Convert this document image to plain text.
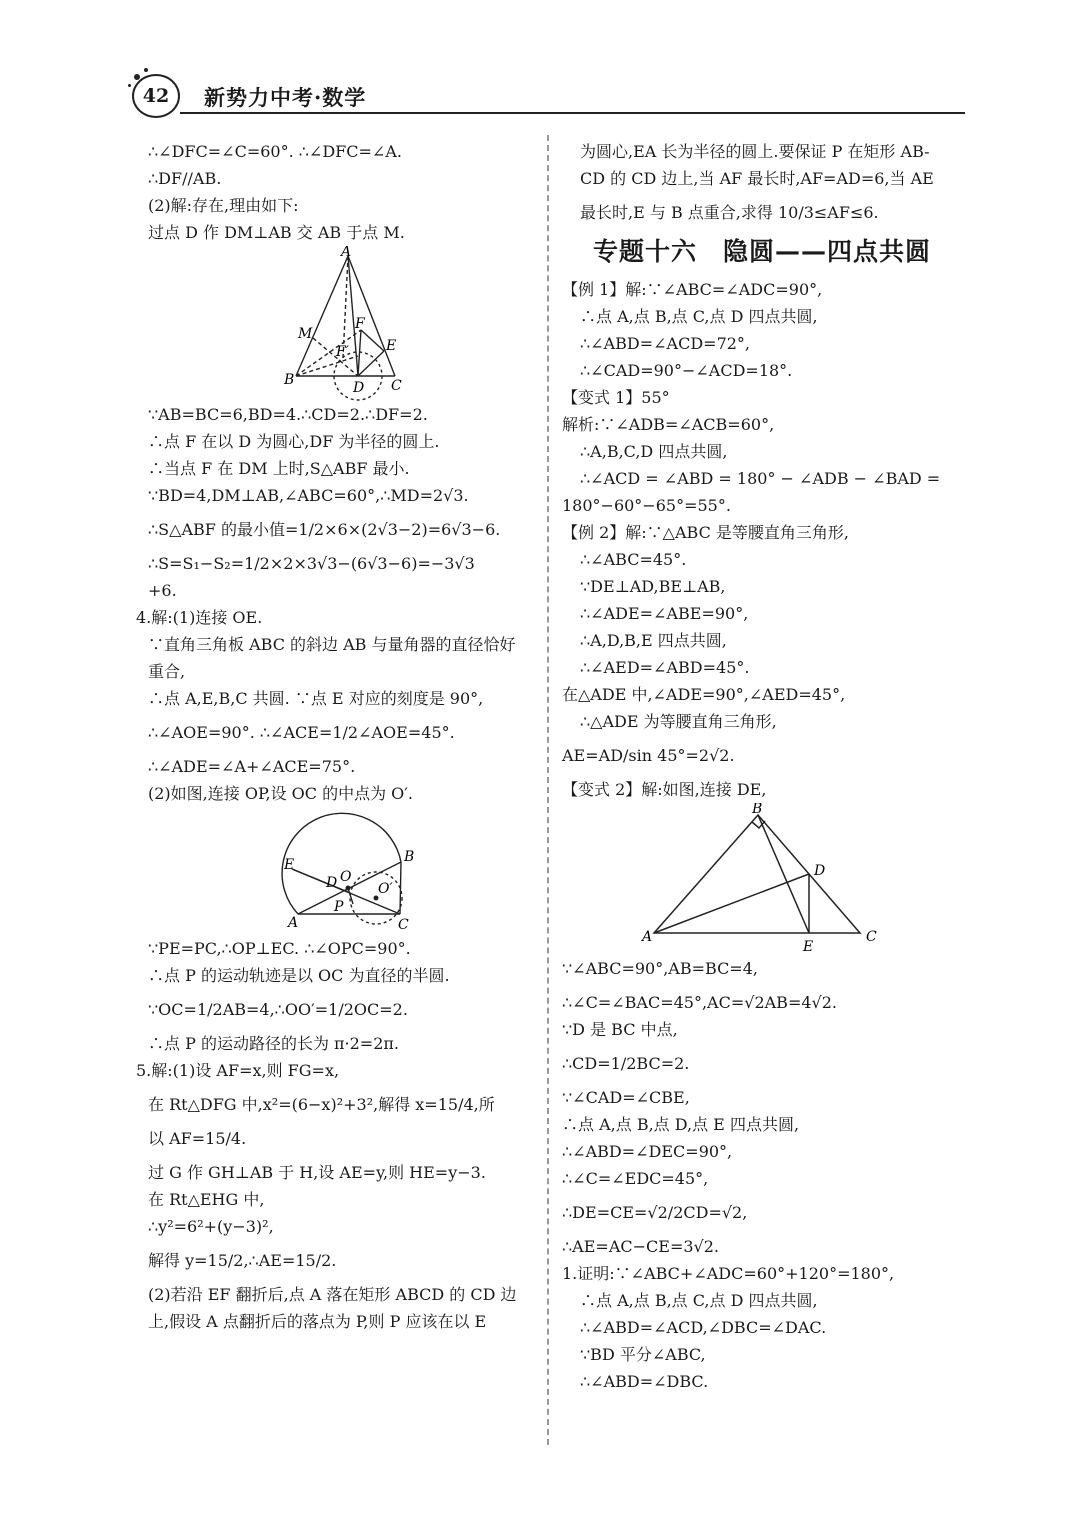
42	新势力中考·数学
∴∠DFC=∠C=60°. ∴∠DFC=∠A.
∴DF//AB.
(2)解:存在,理由如下:
过点 D 作 DM⊥AB 交 AB 于点 M.
A
B	C
D
E
F
F′
M
∵AB=BC=6,BD=4.∴CD=2.∴DF=2.
∴点 F 在以 D 为圆心,DF 为半径的圆上.
∴当点 F 在 DM 上时,S△ABF 最小.
∵BD=4,DM⊥AB,∠ABC=60°,∴MD=2√3.
∴S△ABF 的最小值=1/2×6×(2√3−2)=6√3−6.
∴S=S₁−S₂=1/2×2×3√3−(6√3−6)=−3√3
+6.
4.解:(1)连接 OE.
∵直角三角板 ABC 的斜边 AB 与量角器的直径恰好
重合,
∴点 A,E,B,C 共圆. ∵点 E 对应的刻度是 90°,
∴∠AOE=90°. ∴∠ACE=1/2∠AOE=45°.
∴∠ADE=∠A+∠ACE=75°.
(2)如图,连接 OP,设 OC 的中点为 O′.
E
A
B
C
D O
O′
P
∵PE=PC,∴OP⊥EC. ∴∠OPC=90°.
∴点 P 的运动轨迹是以 OC 为直径的半圆.
∵OC=1/2AB=4,∴OO′=1/2OC=2.
∴点 P 的运动路径的长为 π·2=2π.
5.解:(1)设 AF=x,则 FG=x,
在 Rt△DFG 中,x²=(6−x)²+3²,解得 x=15/4,所
以 AF=15/4.
过 G 作 GH⊥AB 于 H,设 AE=y,则 HE=y−3.
在 Rt△EHG 中,
∴y²=6²+(y−3)²,
解得 y=15/2,∴AE=15/2.
(2)若沿 EF 翻折后,点 A 落在矩形 ABCD 的 CD 边
上,假设 A 点翻折后的落点为 P,则 P 应该在以 E
为圆心,EA 长为半径的圆上.要保证 P 在矩形 AB-
CD 的 CD 边上,当 AF 最长时,AF=AD=6,当 AE
最长时,E 与 B 点重合,求得 10/3≤AF≤6.
专题十六　隐圆——四点共圆
【例 1】解:∵∠ABC=∠ADC=90°,
∴点 A,点 B,点 C,点 D 四点共圆,
∴∠ABD=∠ACD=72°,
∴∠CAD=90°−∠ACD=18°.
【变式 1】55°
解析:∵∠ADB=∠ACB=60°,
∴A,B,C,D 四点共圆,
∴∠ACD = ∠ABD = 180° − ∠ADB − ∠BAD =
180°−60°−65°=55°.
【例 2】解:∵△ABC 是等腰直角三角形,
∴∠ABC=45°.
∵DE⊥AD,BE⊥AB,
∴∠ADE=∠ABE=90°,
∴A,D,B,E 四点共圆,
∴∠AED=∠ABD=45°.
在△ADE 中,∠ADE=90°,∠AED=45°,
∴△ADE 为等腰直角三角形,
AE=AD/sin 45°=2√2.
【变式 2】解:如图,连接 DE,
B
A	C
D
E
∵∠ABC=90°,AB=BC=4,
∴∠C=∠BAC=45°,AC=√2AB=4√2.
∵D 是 BC 中点,
∴CD=1/2BC=2.
∵∠CAD=∠CBE,
∴点 A,点 B,点 D,点 E 四点共圆,
∴∠ABD=∠DEC=90°,
∴∠C=∠EDC=45°,
∴DE=CE=√2/2CD=√2,
∴AE=AC−CE=3√2.
1.证明:∵∠ABC+∠ADC=60°+120°=180°,
∴点 A,点 B,点 C,点 D 四点共圆,
∴∠ABD=∠ACD,∠DBC=∠DAC.
∵BD 平分∠ABC,
∴∠ABD=∠DBC.
